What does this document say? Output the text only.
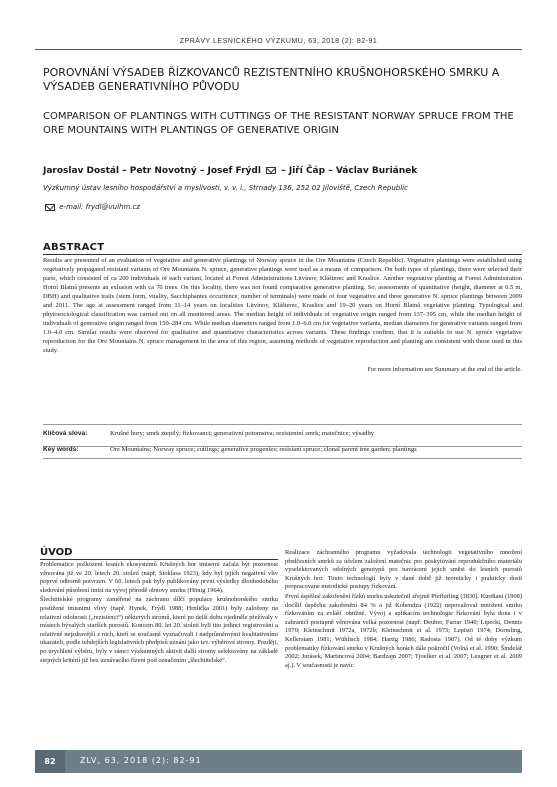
ZPRÁVY LESNICKÉHO VÝZKUMU, 63, 2018 (2): 82-91
POROVNÁNÍ VÝSADEB ŘÍZKOVANCŮ REZISTENTNÍHO KRUŠNOHORSKÉHO SMRKU A VÝSADEB GENERATIVNÍHO PŮVODU
COMPARISON OF PLANTINGS WITH CUTTINGS OF THE RESISTANT NORWAY SPRUCE FROM THE ORE MOUNTAINS WITH PLANTINGS OF GENERATIVE ORIGIN
Jaroslav Dostál – Petr Novotný – Josef Frýdl – Jiří Čáp – Václav Buriánek
Výzkumný ústav lesního hospodářství a myslivosti, v. v. i., Strnady 136, 252 02 Jíloviště, Czech Republic
e-mail: frydl@vulhm.cz
ABSTRACT
Results are presented of an evaluation of vegetative and generative plantings of Norway spruce in the Ore Mountains (Czech Republic). Vegetative plantings were established using vegetatively propagated resistant variants of Ore Mountains N. spruce, generative plantings were used as a means of comparison. On both types of plantings, there were selected their parts, which consisted of ca 200 individuals of each variant, located at Forest Administrations Litvínov, Klášterec and Kraslice. Another vegetative planting at Forest Administration Horní Blatná presents an exlusion with ca 70 trees. On this locality, there was not found comparative generative planting. So, assessments of quantitative (height, diameter at 0.5 m, DBH) and qualitative traits (stem form, vitality, Sacchiphantes occurrence, number of terminals) were made of four vegetative and three generative N. spruce plantings between 2009 and 2011. The age at assessment ranged from 11–14 years on localities Litvínov, Klášterec, Kraslice and 19–20 years on Horní Blatná vegetative planting. Typological and phytosociological classification was carried out on all monitored areas. The median height of individuals of vegetative origin ranged from 137–395 cm, while the median height of individuals of generative origin ranged from 150–284 cm. While median diameters ranged from 1.0–6.0 cm for vegetative variants, median diameters for generative variants ranged from 1.0–4.0 cm. Similar results were observed for qualitative and quantitative characteristics across variants. These findings confirm, that it is suitable to use N. spruce vegetative reproduction for the Ore Mountains N. spruce management in the area of this region, assuming methods of vegetative reproduction and planting are consistent with those used in this study.
For more information see Summary at the end of the article.
Klíčová slova:	Krušné hory; smrk ztepilý; řízkovanci; generativní potomstva; rezistentní smrk; matečnice; výsadby
Key words:	Ore Mountains; Norway spruce; cuttings; generative progenies; resistant spruce; clonal parent tree garden; plantings
ÚVOD

Problematice poškození lesních ekosystémů Krušných hor imisemi začala být pozornost věnována již ve 20. letech 20. století (např. Stoklasa 1923), kdy byl jejich negativní vliv poprvé odborně potvrzen. V 60. letech pak byly publikovány první výsledky dlouhodobého sledování působení imisí na vývoj přírodě obnovy smrku (Hönig 1964).

Šlechtitelské programy zaměřené na záchranu dílčí populace krušnohorského smrku postižené imisními vlivy (např. Hynek, Frýdl 1988; Hrnlička 2001) byly založeny na relativní odolnosti („rezistenci“) některých stromů, které po delší dobu ojediněle přežívaly v místech bývalých starších porostů. Koncem 80. let 20. století byli tito jedinci registrováni a relativně nejzdravější z nich, kteří se současně vyznačovali i nadprůměrnými kvalitativními ukazateli, podle tehdejších legislativních předpisů uznáni jako tzv. výběrové stromy. Později, po urychlení výběru, byly v rámci výzkumných aktivit další stromy selektovány na základě stejných kritérií již bez uznávacího řízení pod označením „šlechtitelské“.

Realizace záchranného programu vyžadovala technologii vegetativního množení předčesních smrků za účelem založení matečnic pro poskytování reprodukčního materiálu vyselektovaných odolných genotypů pro navrácení jejich směsi do lesních porostů Krušných hor. Touto technologií byly v dané době již teoreticky i prakticky dosti propracované metodické postupy řízkování.

První úspěšné zakořenění řízků smrku uskutečnil zřejmě Pfefferling (1830). Kurdiani (1908) docílil úspěchu zakořenění 84 % a již Kobendza (1922) nepovažoval množení smrku řízkováním za zvlášť obtížné. Vývoj a aplikacím technologie řízkování byla dona i v zahraničí postupně věnována velká pozornost (např. Deuber, Farrar 1940; Lipecki, Dennis 1970; Kleinschmit 1972a, 1972b; Kleinschmit et al. 1973; Lepistö 1974; Dormling, Kellerstam 1981; Wühlisch 1984; Hartig 1986; Radosta 1987). Od té doby výzkum problematiky řízkování smrku v Krušných horách dále pokročil (Volná et al. 1990; Šindelář 2002; Jurásek, Martincová 2004; Bardzajn 2007; Tjoelker et al. 2007; Leugner et al. 2009 aj.). V současnosti je navíc

82	ZLV, 63, 2018 (2): 82-91
